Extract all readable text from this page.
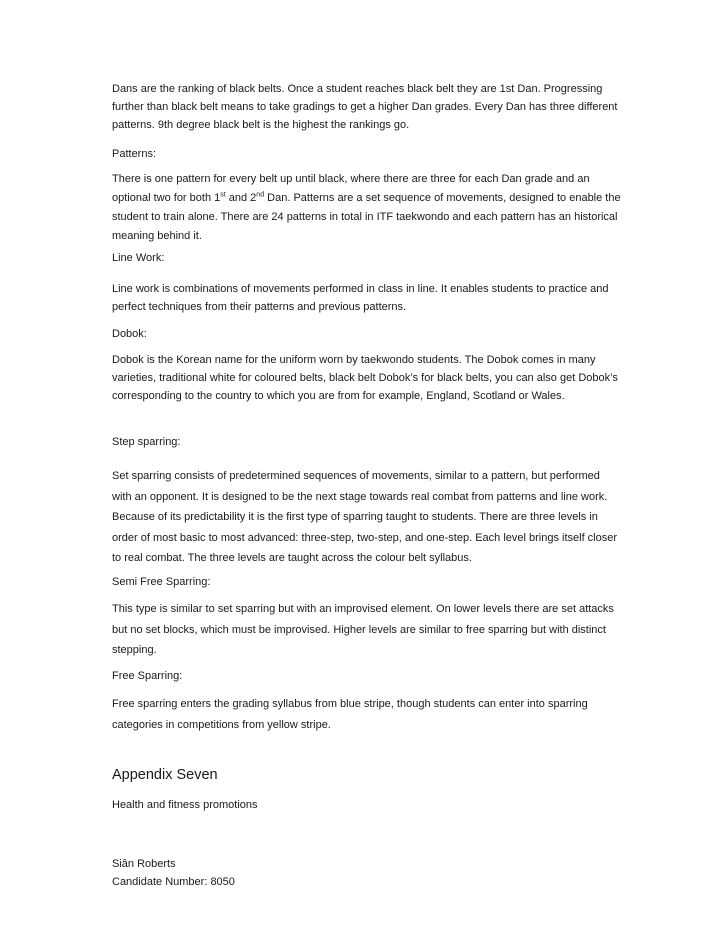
Dans are the ranking of black belts. Once a student reaches black belt they are 1st Dan. Progressing further than black belt means to take gradings to get a higher Dan grades. Every Dan has three different patterns. 9th degree black belt is the highest the rankings go.

Patterns:

There is one pattern for every belt up until black, where there are three for each Dan grade and an optional two for both 1st and 2nd Dan. Patterns are a set sequence of movements, designed to enable the student to train alone. There are 24 patterns in total in ITF taekwondo and each pattern has an historical meaning behind it.

Line Work:

Line work is combinations of movements performed in class in line. It enables students to practice and perfect techniques from their patterns and previous patterns.

Dobok:

Dobok is the Korean name for the uniform worn by taekwondo students. The Dobok comes in many varieties, traditional white for coloured belts, black belt Dobok’s for black belts, you can also get Dobok’s corresponding to the country to which you are from for example, England, Scotland or Wales.

Step sparring:

Set sparring consists of predetermined sequences of movements, similar to a pattern, but performed with an opponent. It is designed to be the next stage towards real combat from patterns and line work. Because of its predictability it is the first type of sparring taught to students. There are three levels in order of most basic to most advanced: three-step, two-step, and one-step. Each level brings itself closer to real combat. The three levels are taught across the colour belt syllabus.

Semi Free Sparring:

This type is similar to set sparring but with an improvised element. On lower levels there are set attacks but no set blocks, which must be improvised. Higher levels are similar to free sparring but with distinct stepping.

Free Sparring:

Free sparring enters the grading syllabus from blue stripe, though students can enter into sparring categories in competitions from yellow stripe.

Appendix Seven

Health and fitness promotions

Siân Roberts

Candidate Number: 8050
